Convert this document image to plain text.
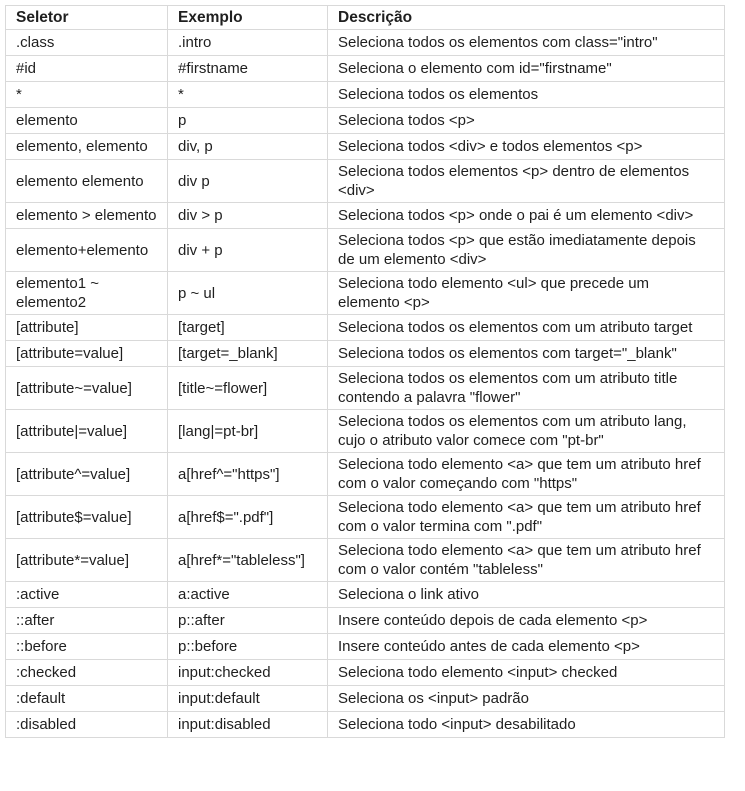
Seletor	Exemplo	Descrição
.class	.intro	Seleciona todos os elementos com class="intro"
#id	#firstname	Seleciona o elemento com id="firstname"
*	*	Seleciona todos os elementos
elemento	p	Seleciona todos <p>
elemento, elemento	div, p	Seleciona todos <div> e todos elementos <p>
elemento elemento	div p	Seleciona todos elementos <p> dentro de elementos <div>
elemento > elemento	div > p	Seleciona todos <p> onde o pai é um elemento <div>
elemento+elemento	div + p	Seleciona todos <p> que estão imediatamente depois de um elemento <div>
elemento1 ~ elemento2	p ~ ul	Seleciona todo elemento <ul> que precede um elemento <p>
[attribute]	[target]	Seleciona todos os elementos com um atributo target
[attribute=value]	[target=_blank]	Seleciona todos os elementos com target="_blank"
[attribute~=value]	[title~=flower]	Seleciona todos os elementos com um atributo title contendo a palavra "flower"
[attribute|=value]	[lang|=pt-br]	Seleciona todos os elementos com um atributo lang, cujo o atributo valor comece com "pt-br"
[attribute^=value]	a[href^="https"]	Seleciona todo elemento <a> que tem um atributo href com o valor começando com "https"
[attribute$=value]	a[href$=".pdf"]	Seleciona todo elemento <a> que tem um atributo href com o valor termina com ".pdf"
[attribute*=value]	a[href*="tableless"]	Seleciona todo elemento <a> que tem um atributo href com o valor contém "tableless"
:active	a:active	Seleciona o link ativo
::after	p::after	Insere conteúdo depois de cada elemento <p>
::before	p::before	Insere conteúdo antes de cada elemento <p>
:checked	input:checked	Seleciona todo elemento <input> checked
:default	input:default	Seleciona os <input> padrão
:disabled	input:disabled	Seleciona todo <input> desabilitado
